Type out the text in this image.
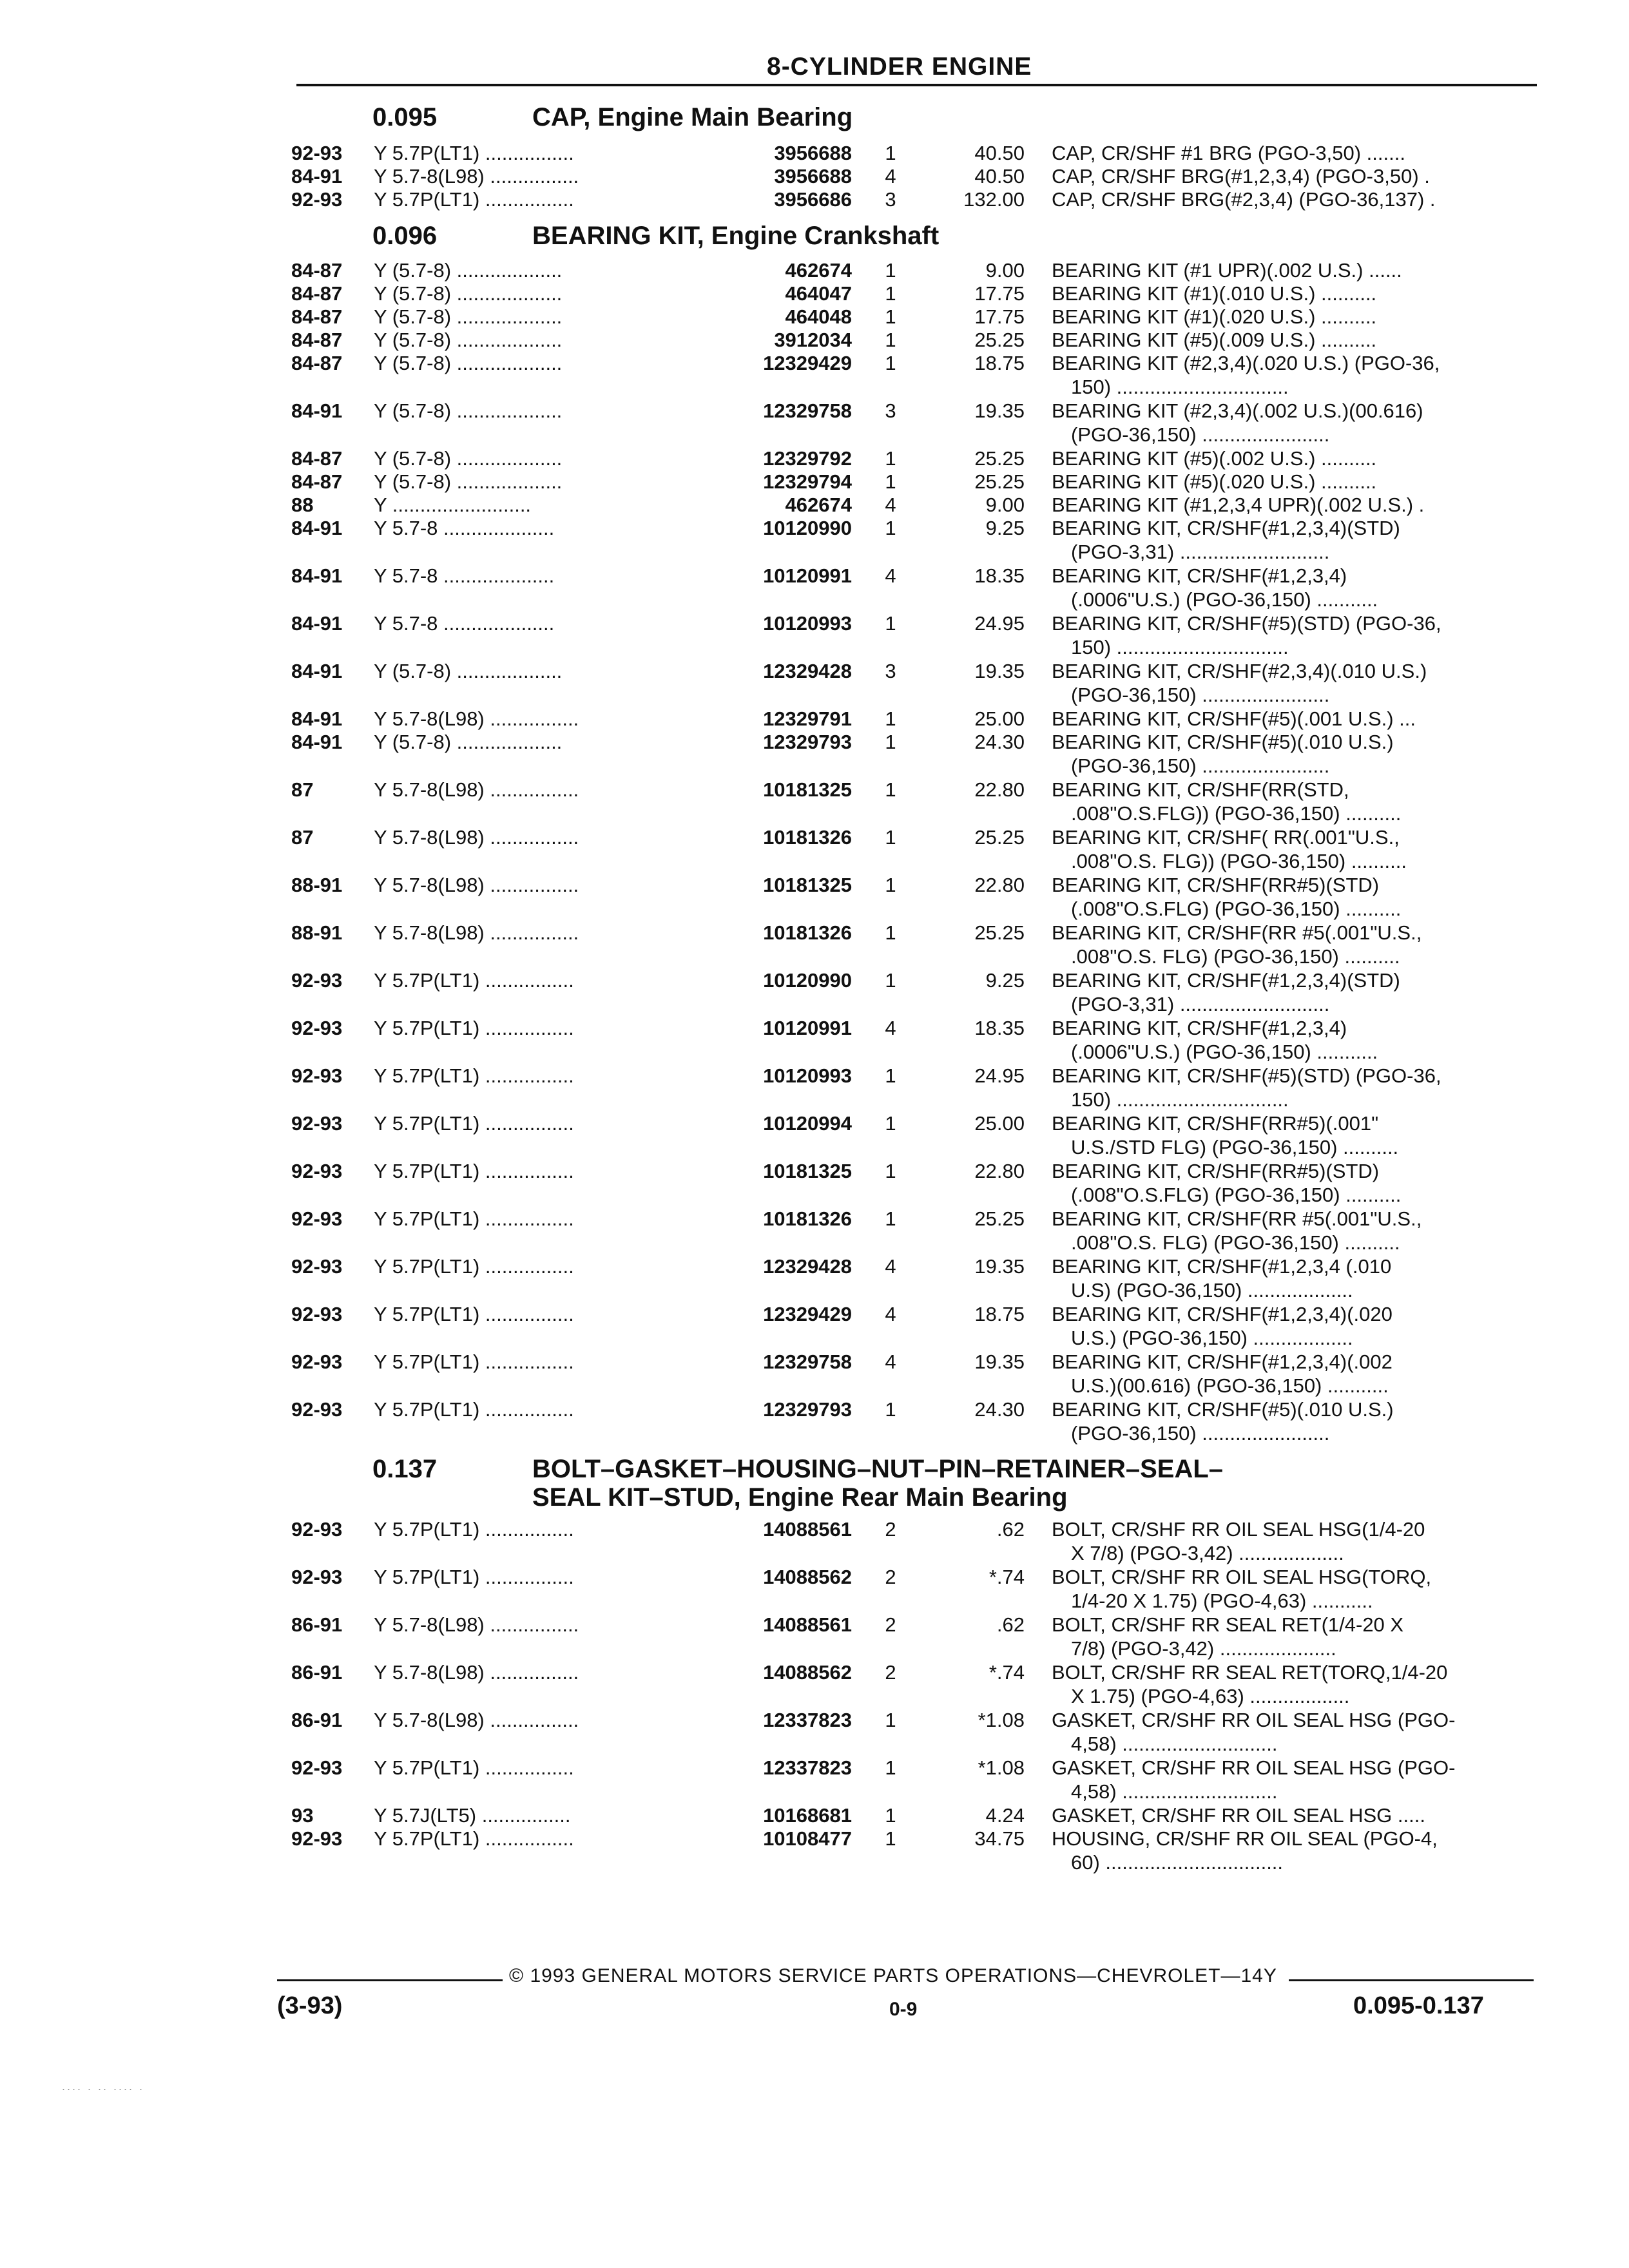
8-CYLINDER ENGINE
0.095	CAP, Engine Main Bearing
92-93 Y 5.7P(LT1) ................	3956688	1	40.50 CAP, CR/SHF #1 BRG (PGO-3,50) .......
84-91 Y 5.7-8(L98) ................	3956688	4	40.50 CAP, CR/SHF BRG(#1,2,3,4) (PGO-3,50) .
92-93 Y 5.7P(LT1) ................	3956686	3	132.00 CAP, CR/SHF BRG(#2,3,4) (PGO-36,137) .
0.096	BEARING KIT, Engine Crankshaft
84-87 Y (5.7-8) ...................	462674	1	9.00 BEARING KIT (#1 UPR)(.002 U.S.) ......
84-87 Y (5.7-8) ...................	464047	1	17.75 BEARING KIT (#1)(.010 U.S.) ..........
84-87 Y (5.7-8) ...................	464048	1	17.75 BEARING KIT (#1)(.020 U.S.) ..........
84-87 Y (5.7-8) ...................	3912034	1	25.25 BEARING KIT (#5)(.009 U.S.) ..........
84-87 Y (5.7-8) ...................	12329429	1	18.75 BEARING KIT (#2,3,4)(.020 U.S.) (PGO-36,
150) ...............................
84-91 Y (5.7-8) ...................	12329758	3	19.35 BEARING KIT (#2,3,4)(.002 U.S.)(00.616)
(PGO-36,150) .......................
84-87 Y (5.7-8) ...................	12329792	1	25.25 BEARING KIT (#5)(.002 U.S.) ..........
84-87 Y (5.7-8) ...................	12329794	1	25.25 BEARING KIT (#5)(.020 U.S.) ..........
88	Y .........................	462674	4	9.00 BEARING KIT (#1,2,3,4 UPR)(.002 U.S.) .
84-91 Y 5.7-8 ....................	10120990	1	9.25 BEARING KIT, CR/SHF(#1,2,3,4)(STD)
(PGO-3,31) ...........................
84-91 Y 5.7-8 ....................	10120991	4	18.35 BEARING KIT, CR/SHF(#1,2,3,4)
(.0006"U.S.) (PGO-36,150) ...........
84-91 Y 5.7-8 ....................	10120993	1	24.95 BEARING KIT, CR/SHF(#5)(STD) (PGO-36,
150) ...............................
84-91 Y (5.7-8) ...................	12329428	3	19.35 BEARING KIT, CR/SHF(#2,3,4)(.010 U.S.)
(PGO-36,150) .......................
84-91 Y 5.7-8(L98) ................	12329791	1	25.00 BEARING KIT, CR/SHF(#5)(.001 U.S.) ...
84-91 Y (5.7-8) ...................	12329793	1	24.30 BEARING KIT, CR/SHF(#5)(.010 U.S.)
(PGO-36,150) .......................
87	Y 5.7-8(L98) ................	10181325	1	22.80 BEARING KIT, CR/SHF(RR(STD,
.008"O.S.FLG)) (PGO-36,150) ..........
87	Y 5.7-8(L98) ................	10181326	1	25.25 BEARING KIT, CR/SHF( RR(.001"U.S.,
.008"O.S. FLG)) (PGO-36,150) ..........
88-91 Y 5.7-8(L98) ................	10181325	1	22.80 BEARING KIT, CR/SHF(RR#5)(STD)
(.008"O.S.FLG) (PGO-36,150) ..........
88-91 Y 5.7-8(L98) ................	10181326	1	25.25 BEARING KIT, CR/SHF(RR #5(.001"U.S.,
.008"O.S. FLG) (PGO-36,150) ..........
92-93 Y 5.7P(LT1) ................	10120990	1	9.25 BEARING KIT, CR/SHF(#1,2,3,4)(STD)
(PGO-3,31) ...........................
92-93 Y 5.7P(LT1) ................	10120991	4	18.35 BEARING KIT, CR/SHF(#1,2,3,4)
(.0006"U.S.) (PGO-36,150) ...........
92-93 Y 5.7P(LT1) ................	10120993	1	24.95 BEARING KIT, CR/SHF(#5)(STD) (PGO-36,
150) ...............................
92-93 Y 5.7P(LT1) ................	10120994	1	25.00 BEARING KIT, CR/SHF(RR#5)(.001"
U.S./STD FLG) (PGO-36,150) ..........
92-93 Y 5.7P(LT1) ................	10181325	1	22.80 BEARING KIT, CR/SHF(RR#5)(STD)
(.008"O.S.FLG) (PGO-36,150) ..........
92-93 Y 5.7P(LT1) ................	10181326	1	25.25 BEARING KIT, CR/SHF(RR #5(.001"U.S.,
.008"O.S. FLG) (PGO-36,150) ..........
92-93 Y 5.7P(LT1) ................	12329428	4	19.35 BEARING KIT, CR/SHF(#1,2,3,4 (.010
U.S) (PGO-36,150) ...................
92-93 Y 5.7P(LT1) ................	12329429	4	18.75 BEARING KIT, CR/SHF(#1,2,3,4)(.020
U.S.) (PGO-36,150) ..................
92-93 Y 5.7P(LT1) ................	12329758	4	19.35 BEARING KIT, CR/SHF(#1,2,3,4)(.002
U.S.)(00.616) (PGO-36,150) ...........
92-93 Y 5.7P(LT1) ................	12329793	1	24.30 BEARING KIT, CR/SHF(#5)(.010 U.S.)
(PGO-36,150) .......................
0.137	BOLT–GASKET–HOUSING–NUT–PIN–RETAINER–SEAL–
SEAL KIT–STUD, Engine Rear Main Bearing
92-93 Y 5.7P(LT1) ................	14088561	2	.62 BOLT, CR/SHF RR OIL SEAL HSG(1/4-20
X 7/8) (PGO-3,42) ...................
92-93 Y 5.7P(LT1) ................	14088562	2	*.74 BOLT, CR/SHF RR OIL SEAL HSG(TORQ,
1/4-20 X 1.75) (PGO-4,63) ...........
86-91 Y 5.7-8(L98) ................	14088561	2	.62 BOLT, CR/SHF RR SEAL RET(1/4-20 X
7/8) (PGO-3,42) .....................
86-91 Y 5.7-8(L98) ................	14088562	2	*.74 BOLT, CR/SHF RR SEAL RET(TORQ,1/4-20
X 1.75) (PGO-4,63) ..................
86-91 Y 5.7-8(L98) ................	12337823	1	*1.08 GASKET, CR/SHF RR OIL SEAL HSG (PGO-
4,58) ............................
92-93 Y 5.7P(LT1) ................	12337823	1	*1.08 GASKET, CR/SHF RR OIL SEAL HSG (PGO-
4,58) ............................
93	Y 5.7J(LT5) ................	10168681	1	4.24 GASKET, CR/SHF RR OIL SEAL HSG .....
92-93 Y 5.7P(LT1) ................	10108477	1	34.75 HOUSING, CR/SHF RR OIL SEAL (PGO-4,
60) ................................
© 1993 GENERAL MOTORS SERVICE PARTS OPERATIONS—CHEVROLET—14Y
(3-93)	0-9	0.095-0.137
.... . .. .... .
